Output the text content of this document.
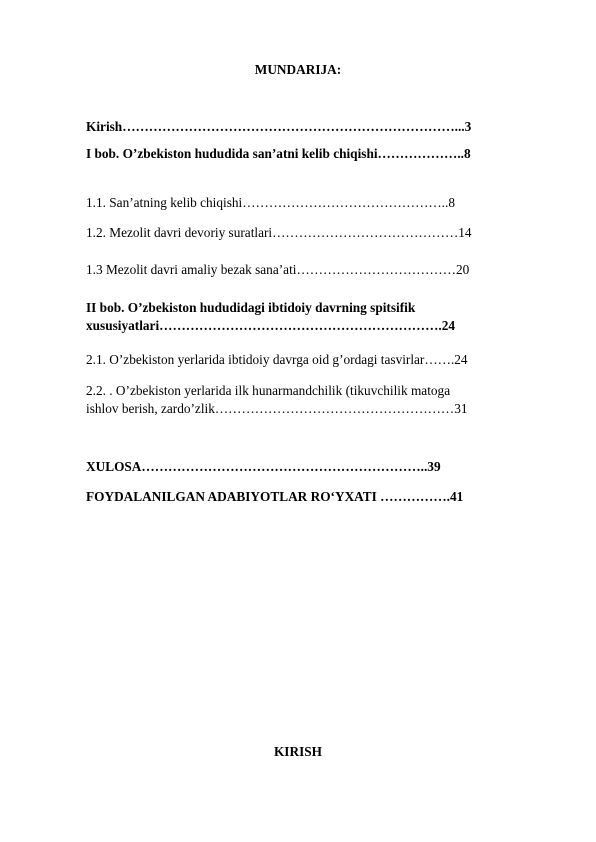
MUNDARIJA:
Kirish…………………………………………………………………...3
I bob. O’zbekiston hududida san’atni kelib chiqishi………………..8
1.1. San’atning kelib chiqishi………………………………………..8
1.2. Mezolit davri devoriy suratlari……………………………………14
1.3 Mezolit davri amaliy bezak sana’ati………………………………20
II bob. O’zbekiston hududidagi ibtidoiy davrning spitsifik
xususiyatlari……………………………………………………….24
2.1. O’zbekiston yerlarida ibtidoiy davrga oid g’ordagi tasvirlar…….24
2.2. . O’zbekiston yerlarida ilk hunarmandchilik (tikuvchilik matoga
ishlov berish, zardo’zlik………………………………………………31
XULOSA………………………………………………………..39
FOYDALANILGAN ADABIYOTLAR RO‘YXATI …………….41
KIRISH
